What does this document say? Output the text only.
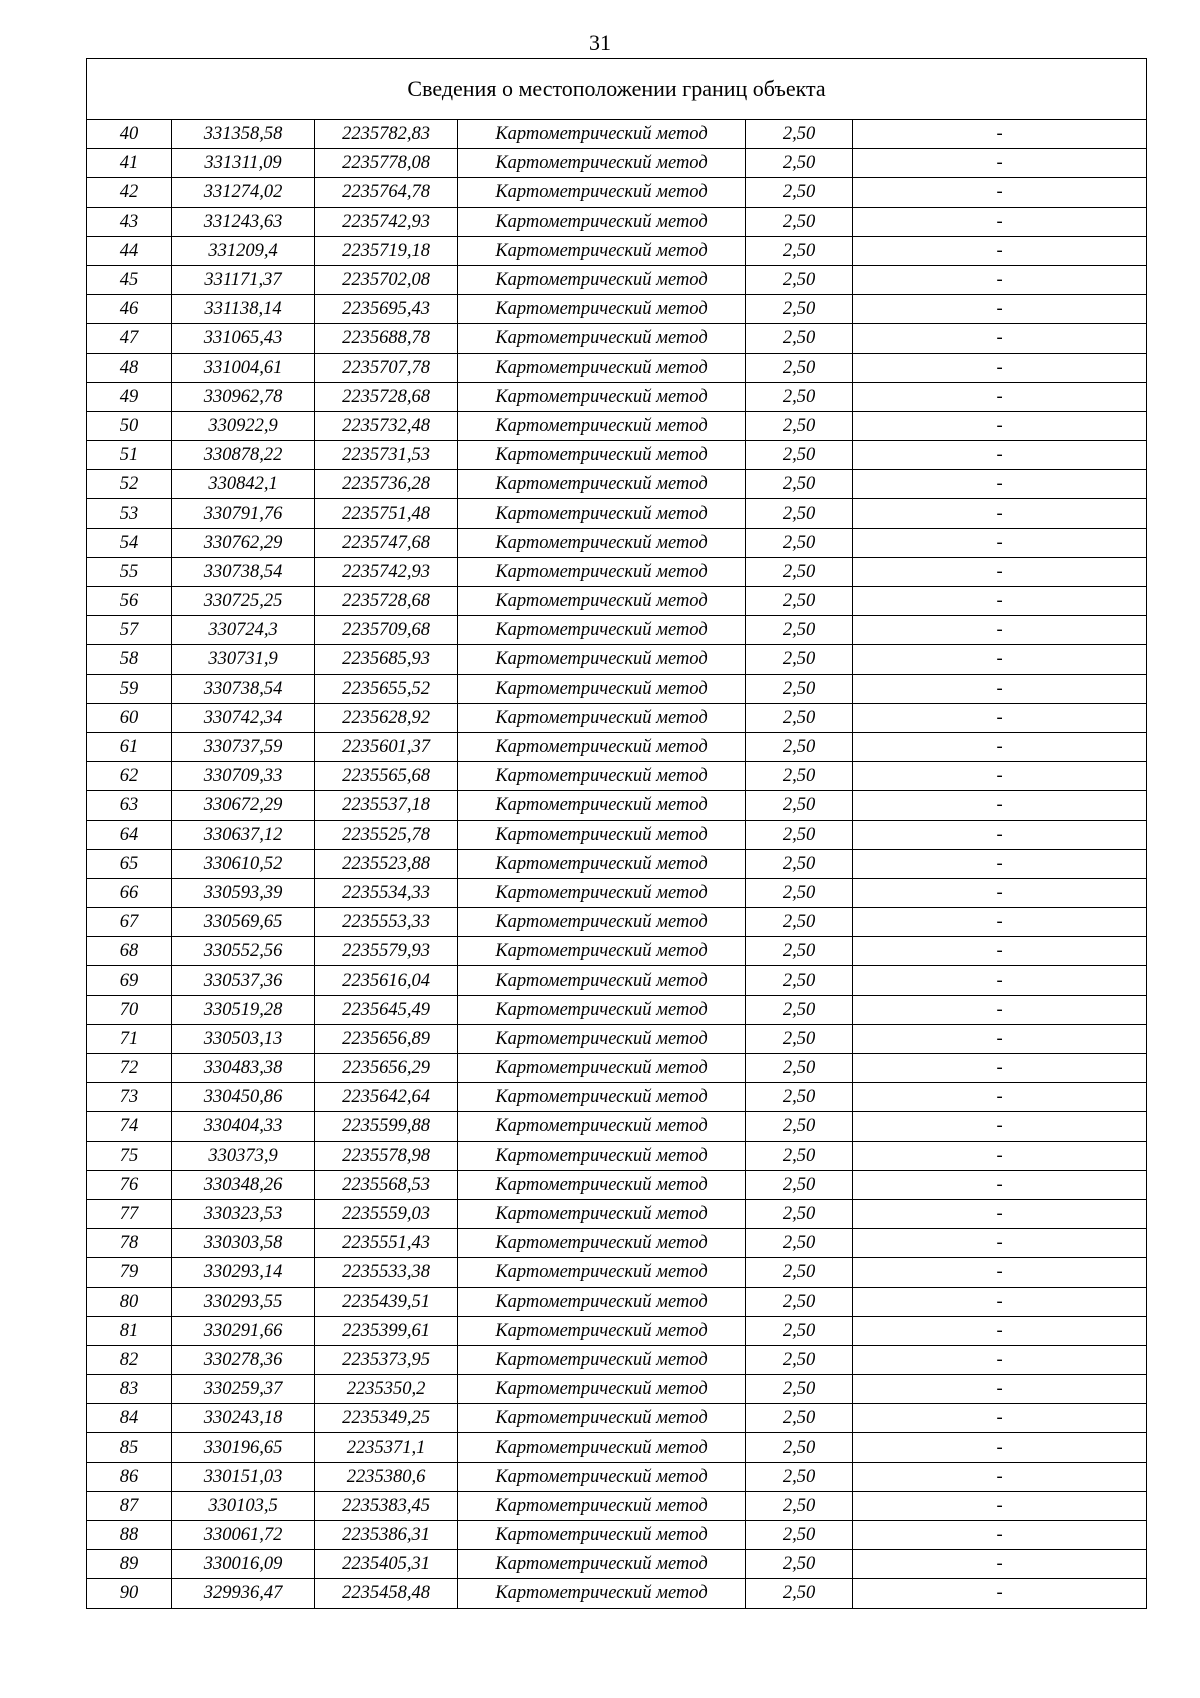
31
Сведения о местоположении границ объекта					
40	331358,58	2235782,83	Картометрический метод	2,50	-
41	331311,09	2235778,08	Картометрический метод	2,50	-
42	331274,02	2235764,78	Картометрический метод	2,50	-
43	331243,63	2235742,93	Картометрический метод	2,50	-
44	331209,4	2235719,18	Картометрический метод	2,50	-
45	331171,37	2235702,08	Картометрический метод	2,50	-
46	331138,14	2235695,43	Картометрический метод	2,50	-
47	331065,43	2235688,78	Картометрический метод	2,50	-
48	331004,61	2235707,78	Картометрический метод	2,50	-
49	330962,78	2235728,68	Картометрический метод	2,50	-
50	330922,9	2235732,48	Картометрический метод	2,50	-
51	330878,22	2235731,53	Картометрический метод	2,50	-
52	330842,1	2235736,28	Картометрический метод	2,50	-
53	330791,76	2235751,48	Картометрический метод	2,50	-
54	330762,29	2235747,68	Картометрический метод	2,50	-
55	330738,54	2235742,93	Картометрический метод	2,50	-
56	330725,25	2235728,68	Картометрический метод	2,50	-
57	330724,3	2235709,68	Картометрический метод	2,50	-
58	330731,9	2235685,93	Картометрический метод	2,50	-
59	330738,54	2235655,52	Картометрический метод	2,50	-
60	330742,34	2235628,92	Картометрический метод	2,50	-
61	330737,59	2235601,37	Картометрический метод	2,50	-
62	330709,33	2235565,68	Картометрический метод	2,50	-
63	330672,29	2235537,18	Картометрический метод	2,50	-
64	330637,12	2235525,78	Картометрический метод	2,50	-
65	330610,52	2235523,88	Картометрический метод	2,50	-
66	330593,39	2235534,33	Картометрический метод	2,50	-
67	330569,65	2235553,33	Картометрический метод	2,50	-
68	330552,56	2235579,93	Картометрический метод	2,50	-
69	330537,36	2235616,04	Картометрический метод	2,50	-
70	330519,28	2235645,49	Картометрический метод	2,50	-
71	330503,13	2235656,89	Картометрический метод	2,50	-
72	330483,38	2235656,29	Картометрический метод	2,50	-
73	330450,86	2235642,64	Картометрический метод	2,50	-
74	330404,33	2235599,88	Картометрический метод	2,50	-
75	330373,9	2235578,98	Картометрический метод	2,50	-
76	330348,26	2235568,53	Картометрический метод	2,50	-
77	330323,53	2235559,03	Картометрический метод	2,50	-
78	330303,58	2235551,43	Картометрический метод	2,50	-
79	330293,14	2235533,38	Картометрический метод	2,50	-
80	330293,55	2235439,51	Картометрический метод	2,50	-
81	330291,66	2235399,61	Картометрический метод	2,50	-
82	330278,36	2235373,95	Картометрический метод	2,50	-
83	330259,37	2235350,2	Картометрический метод	2,50	-
84	330243,18	2235349,25	Картометрический метод	2,50	-
85	330196,65	2235371,1	Картометрический метод	2,50	-
86	330151,03	2235380,6	Картометрический метод	2,50	-
87	330103,5	2235383,45	Картометрический метод	2,50	-
88	330061,72	2235386,31	Картометрический метод	2,50	-
89	330016,09	2235405,31	Картометрический метод	2,50	-
90	329936,47	2235458,48	Картометрический метод	2,50	-
